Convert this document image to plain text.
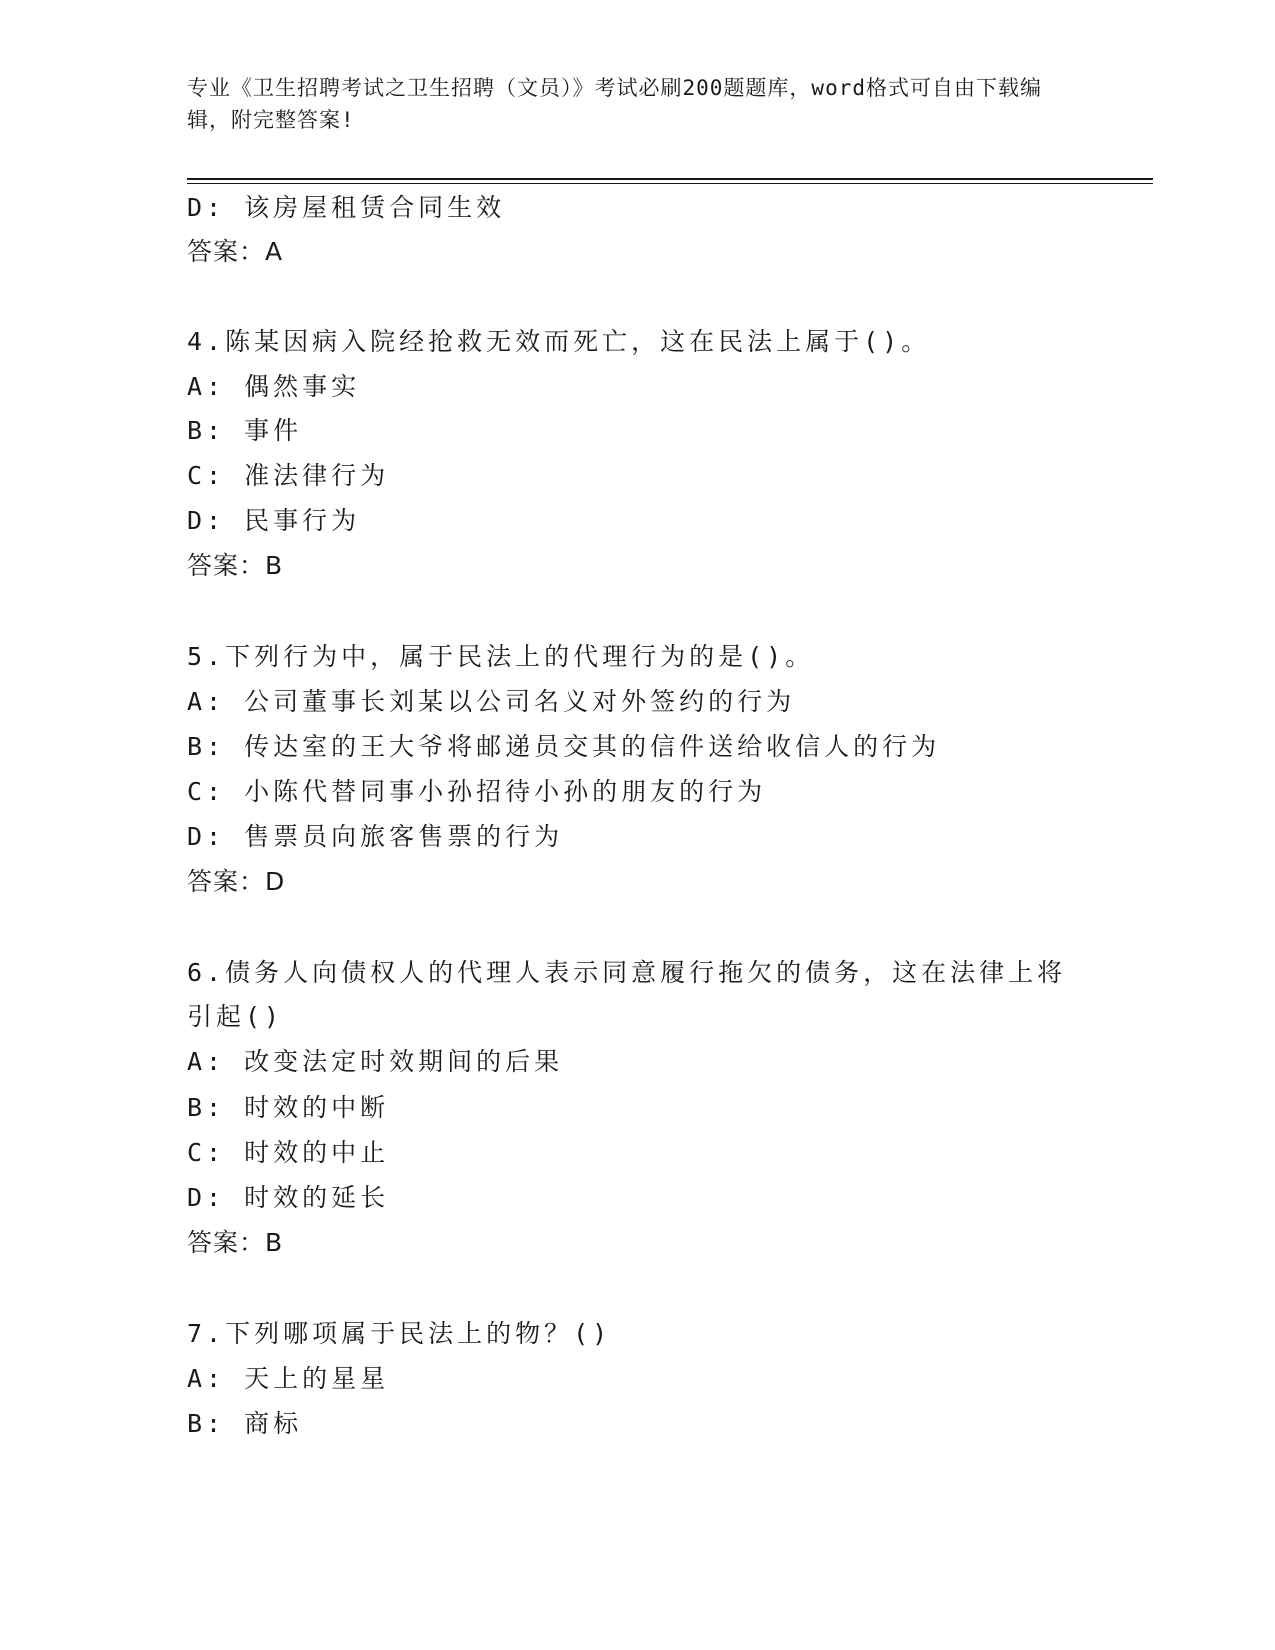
专业《卫生招聘考试之卫生招聘（文员）》考试必刷200题题库，word格式可自由下载编辑，附完整答案!

D: 该房屋租赁合同生效

答案：A

4.陈某因病入院经抢救无效而死亡，这在民法上属于()。

A: 偶然事实

B: 事件

C: 准法律行为

D: 民事行为

答案：B

5.下列行为中，属于民法上的代理行为的是()。

A: 公司董事长刘某以公司名义对外签约的行为

B: 传达室的王大爷将邮递员交其的信件送给收信人的行为

C: 小陈代替同事小孙招待小孙的朋友的行为

D: 售票员向旅客售票的行为

答案：D

6.债务人向债权人的代理人表示同意履行拖欠的债务，这在法律上将引起()

A: 改变法定时效期间的后果

B: 时效的中断

C: 时效的中止

D: 时效的延长

答案：B

7.下列哪项属于民法上的物？()

A: 天上的星星

B: 商标
